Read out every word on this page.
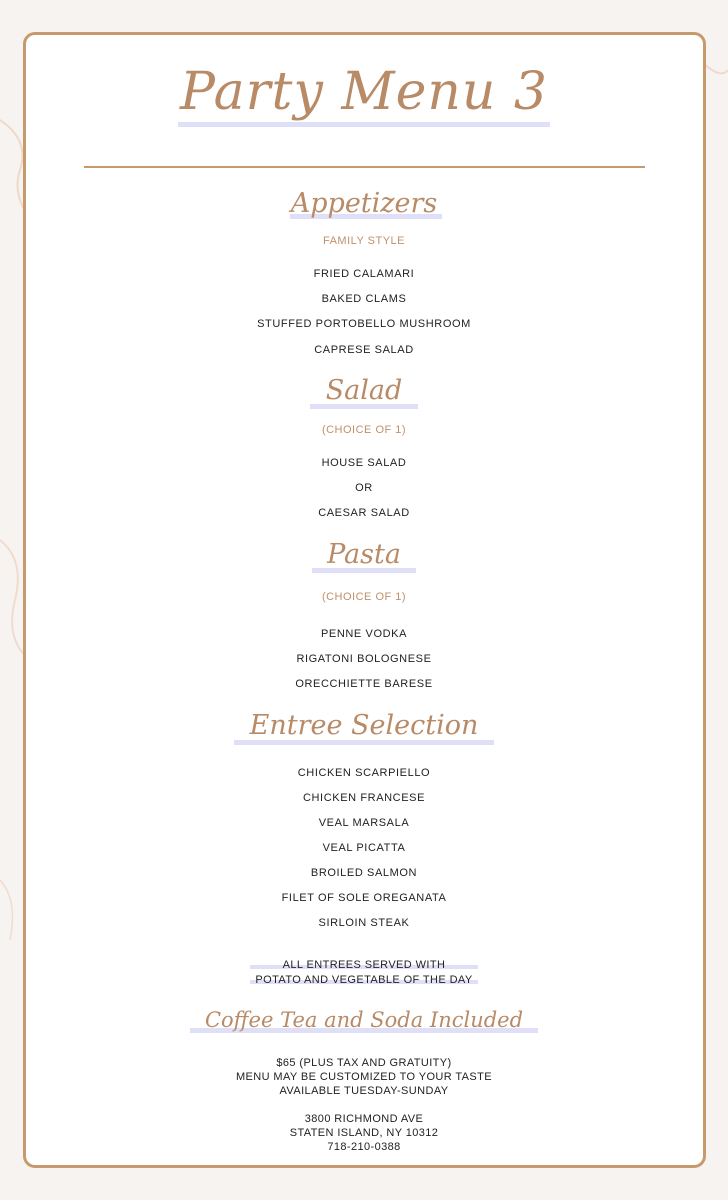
Party Menu 3
Appetizers
FAMILY STYLE
FRIED CALAMARI
BAKED CLAMS
STUFFED PORTOBELLO MUSHROOM
CAPRESE SALAD
Salad
(CHOICE OF 1)
HOUSE SALAD
OR
CAESAR SALAD
Pasta
(CHOICE OF 1)
PENNE VODKA
RIGATONI BOLOGNESE
ORECCHIETTE BARESE
Entree Selection
CHICKEN SCARPIELLO
CHICKEN FRANCESE
VEAL MARSALA
VEAL PICATTA
BROILED SALMON
FILET OF SOLE OREGANATA
SIRLOIN STEAK
ALL ENTREES SERVED WITH
POTATO AND VEGETABLE OF THE DAY
Coffee Tea and Soda Included
$65 (PLUS TAX AND GRATUITY)
MENU MAY BE CUSTOMIZED TO YOUR TASTE
AVAILABLE TUESDAY-SUNDAY
3800 RICHMOND AVE
STATEN ISLAND, NY 10312
718-210-0388
